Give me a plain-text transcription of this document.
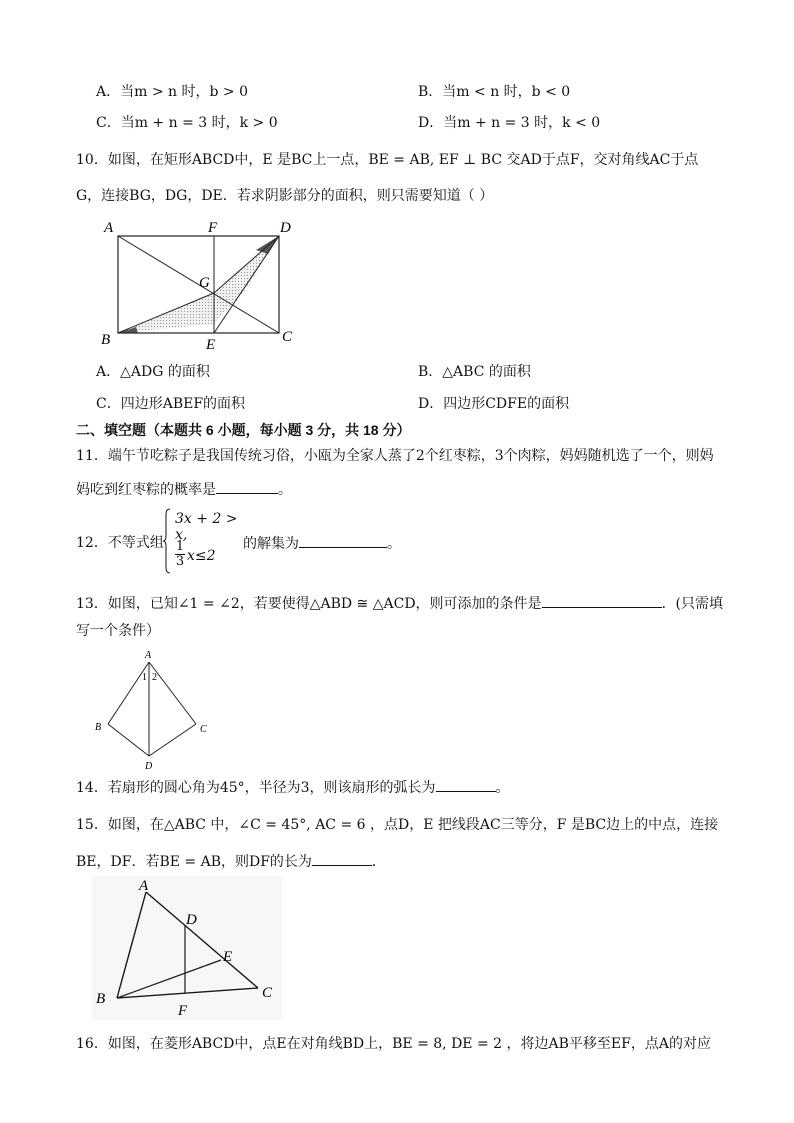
A．当m > n 时，b > 0	B．当m < n 时，b < 0
C．当m + n = 3 时，k > 0	D．当m + n = 3 时，k < 0
10．如图，在矩形ABCD中，E 是BC上一点，BE = AB, EF ⊥ BC 交AD于点F，交对角线AC于点
G，连接BG，DG，DE．若求阴影部分的面积，则只需要知道（ ）
A	F	D
G
B	E	C
A．△ADG 的面积	B．△ABC 的面积
C．四边形ABEF的面积	D．四边形CDFE的面积
二、填空题（本题共 6 小题，每小题 3 分，共 18 分）
11．端午节吃粽子是我国传统习俗，小瓯为全家人蒸了2个红枣粽，3个肉粽，妈妈随机选了一个，则妈
妈吃到红枣粽的概率是	。
12．不等式组
3x + 2 > x,
$\frac{1}{3} x\le 2$
的解集为	。
13．如图，已知∠1 = ∠2，若要使得△ABD ≅ △ACD，则可添加的条件是	．(只需填
写一个条件）
A
1 2
B	C
D
14．若扇形的圆心角为45°，半径为3，则该扇形的弧长为	。
15．如图，在△ABC 中，∠C = 45°, AC = 6 ，点D，E 把线段AC三等分，F 是BC边上的中点，连接
BE，DF．若BE = AB，则DF的长为	．
A
D
E
B
F
C
16．如图，在菱形ABCD中，点E在对角线BD上，BE = 8, DE = 2 ，将边AB平移至EF，点A的对应
